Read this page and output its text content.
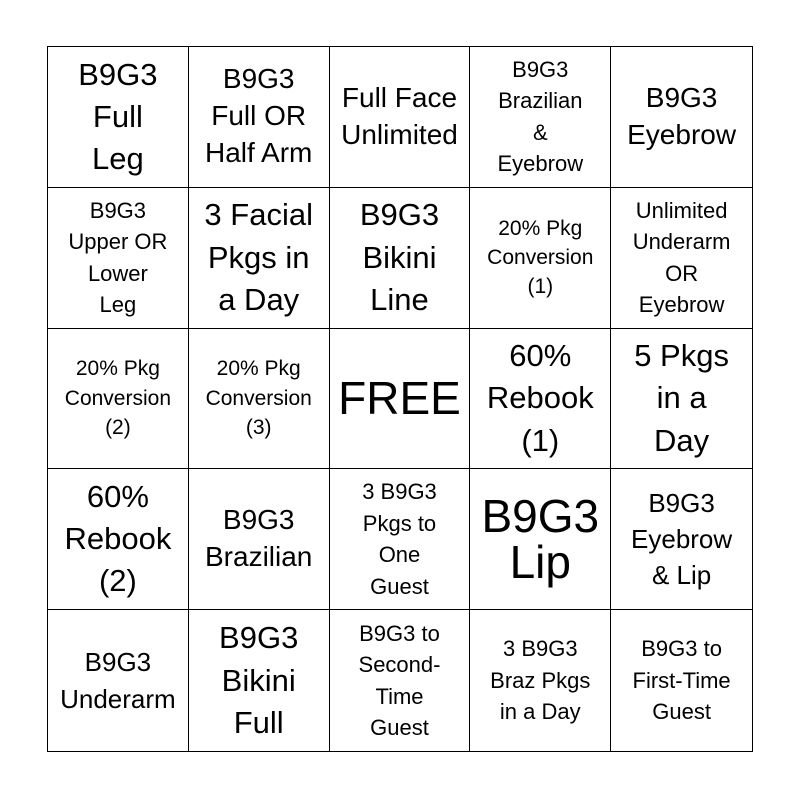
B9G3
Full
Leg
B9G3
Full OR
Half Arm
Full Face
Unlimited
B9G3
Brazilian
&
Eyebrow
B9G3
Eyebrow
B9G3
Upper OR
Lower
Leg
3 Facial
Pkgs in
a Day
B9G3
Bikini
Line
20% Pkg
Conversion
(1)
Unlimited
Underarm
OR
Eyebrow
20% Pkg
Conversion
(2)
20% Pkg
Conversion
(3)
FREE
60%
Rebook
(1)
5 Pkgs
in a
Day
60%
Rebook
(2)
B9G3
Brazilian
3 B9G3
Pkgs to
One
Guest
B9G3
Lip
B9G3
Eyebrow
& Lip
B9G3
Underarm
B9G3
Bikini
Full
B9G3 to
Second-
Time
Guest
3 B9G3
Braz Pkgs
in a Day
B9G3 to
First-Time
Guest
